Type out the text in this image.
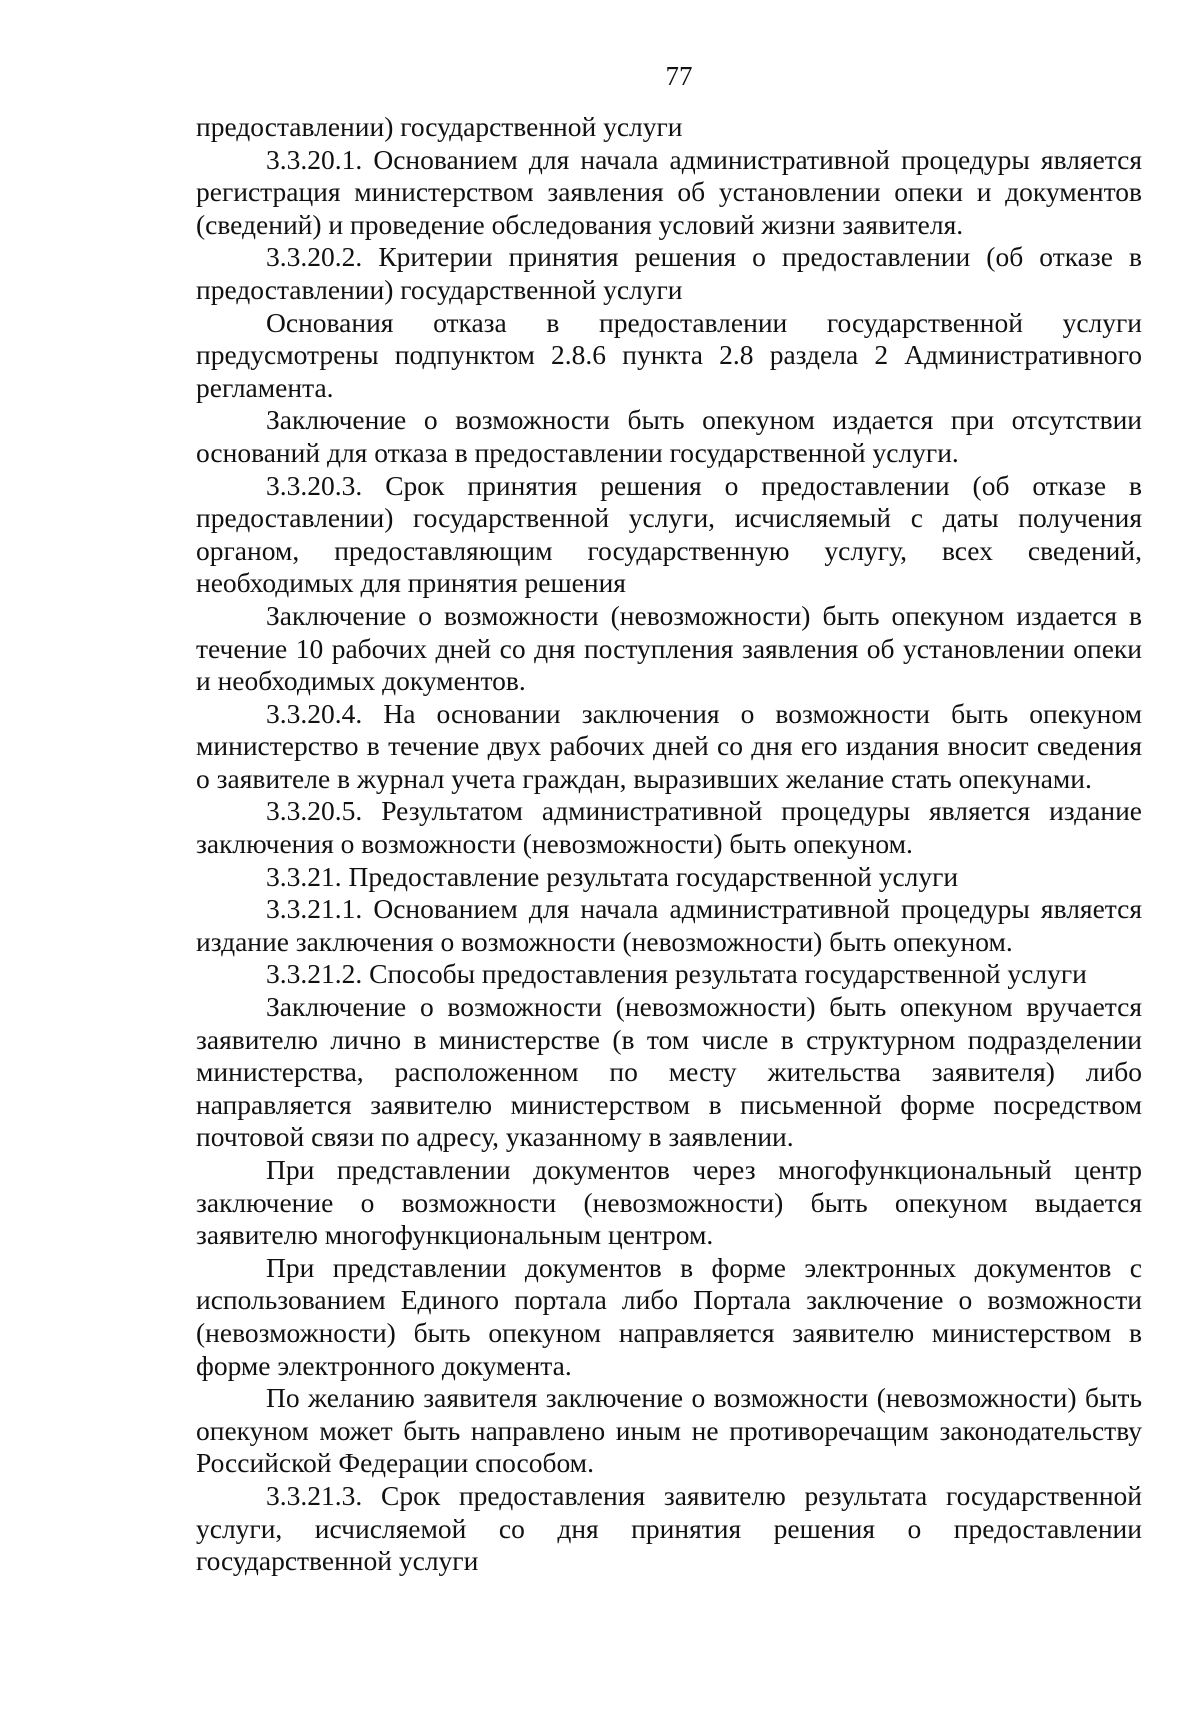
77

предоставлении) государственной услуги

3.3.20.1. Основанием для начала административной процедуры является регистрация министерством заявления об установлении опеки и документов (сведений) и проведение обследования условий жизни заявителя.

3.3.20.2. Критерии принятия решения о предоставлении (об отказе в предоставлении) государственной услуги

Основания отказа в предоставлении государственной услуги предусмотрены подпунктом 2.8.6 пункта 2.8 раздела 2 Административного регламента.

Заключение о возможности быть опекуном издается при отсутствии оснований для отказа в предоставлении государственной услуги.

3.3.20.3. Срок принятия решения о предоставлении (об отказе в предоставлении) государственной услуги, исчисляемый с даты получения органом, предоставляющим государственную услугу, всех сведений, необходимых для принятия решения

Заключение о возможности (невозможности) быть опекуном издается в течение 10 рабочих дней со дня поступления заявления об установлении опеки и необходимых документов.

3.3.20.4. На основании заключения о возможности быть опекуном министерство в течение двух рабочих дней со дня его издания вносит сведения о заявителе в журнал учета граждан, выразивших желание стать опекунами.

3.3.20.5. Результатом административной процедуры является издание заключения о возможности (невозможности) быть опекуном.

3.3.21. Предоставление результата государственной услуги

3.3.21.1. Основанием для начала административной процедуры является издание заключения о возможности (невозможности) быть опекуном.

3.3.21.2. Способы предоставления результата государственной услуги

Заключение о возможности (невозможности) быть опекуном вручается заявителю лично в министерстве (в том числе в структурном подразделении министерства, расположенном по месту жительства заявителя) либо направляется заявителю министерством в письменной форме посредством почтовой связи по адресу, указанному в заявлении.

При представлении документов через многофункциональный центр заключение о возможности (невозможности) быть опекуном выдается заявителю многофункциональным центром.

При представлении документов в форме электронных документов с использованием Единого портала либо Портала заключение о возможности (невозможности) быть опекуном направляется заявителю министерством в форме электронного документа.

По желанию заявителя заключение о возможности (невозможности) быть опекуном может быть направлено иным не противоречащим законодательству Российской Федерации способом.

3.3.21.3. Срок предоставления заявителю результата государственной услуги, исчисляемой со дня принятия решения о предоставлении государственной услуги
